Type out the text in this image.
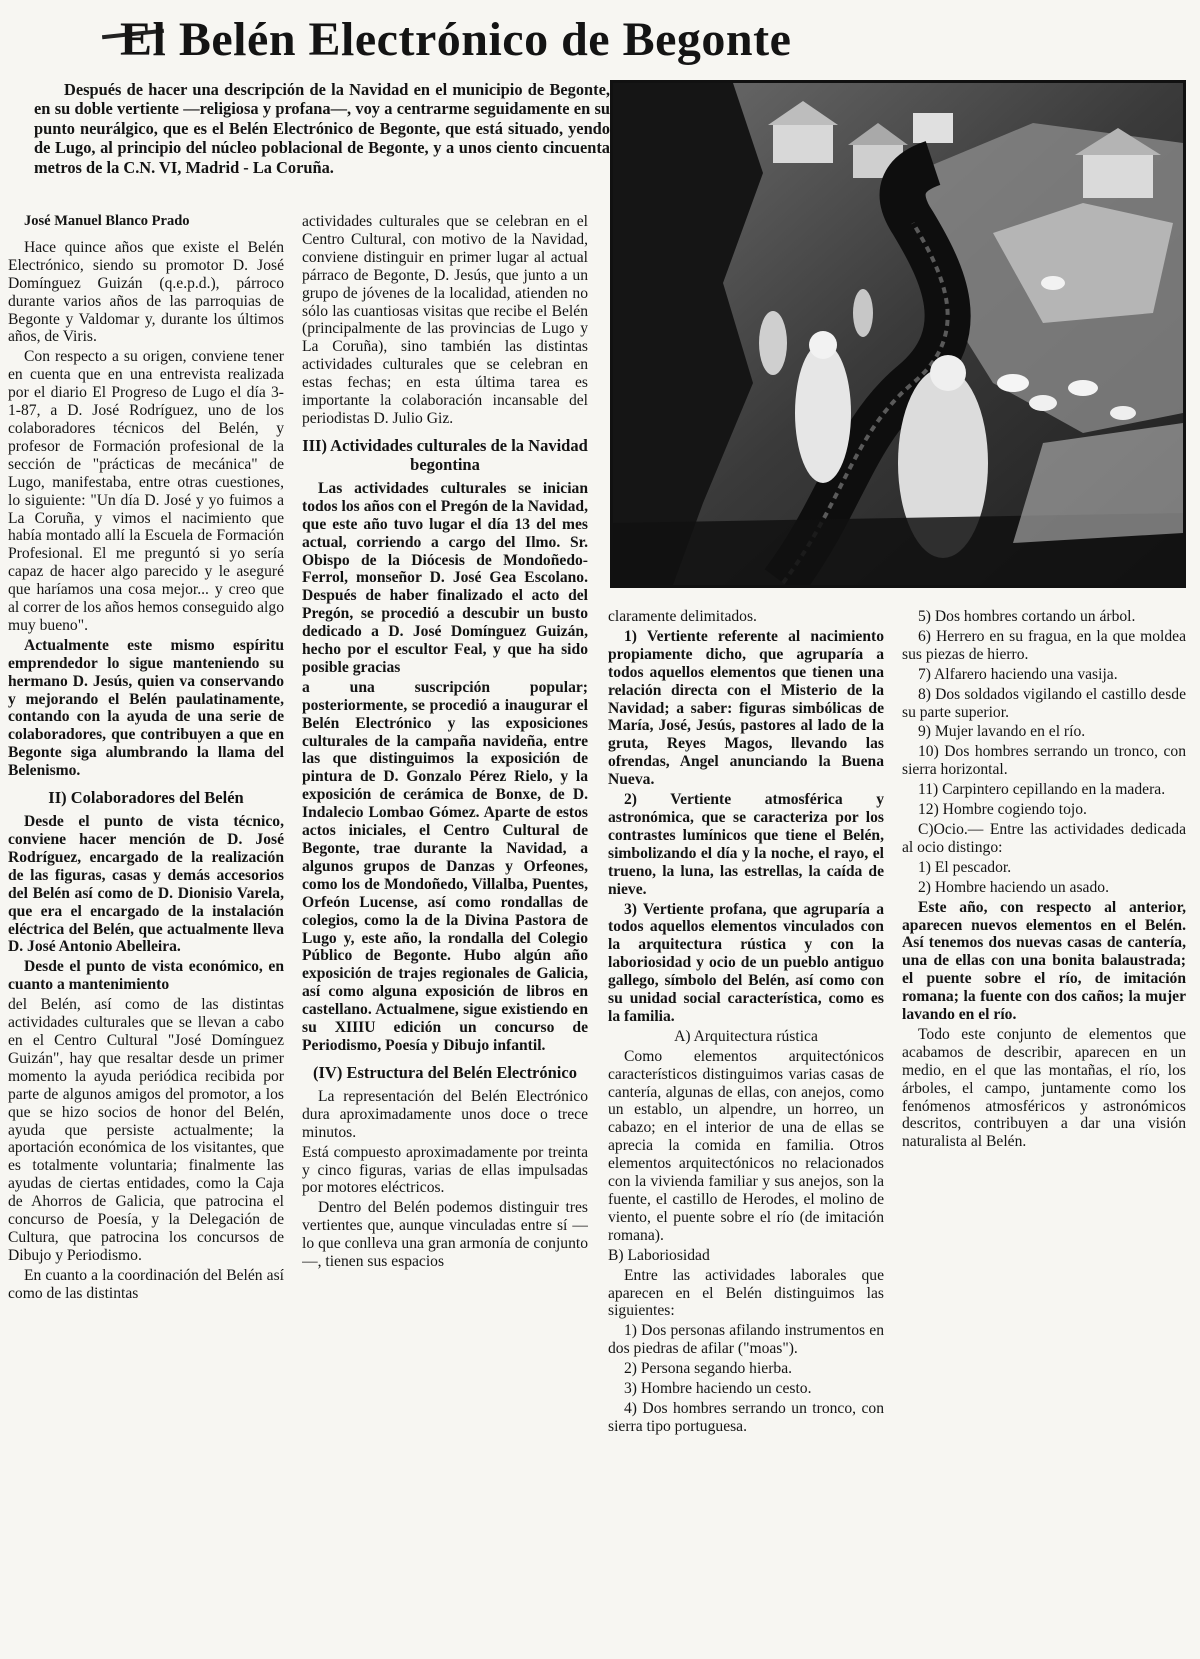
El Belén Electrónico de Begonte

Después de hacer una descripción de la Navidad en el municipio de Begonte, en su doble vertiente —religiosa y profana—, voy a centrarme seguidamente en su punto neurálgico, que es el Belén Electrónico de Begonte, que está situado, yendo de Lugo, al principio del núcleo poblacional de Begonte, y a unos ciento cincuenta metros de la C.N. VI, Madrid - La Coruña.

José Manuel Blanco Prado

Hace quince años que existe el Belén Electrónico, siendo su promotor D. José Domínguez Guizán (q.e.p.d.), párroco durante varios años de las parroquias de Begonte y Valdomar y, durante los últimos años, de Viris.

Con respecto a su origen, conviene tener en cuenta que en una entrevista realizada por el diario El Progreso de Lugo el día 3-1-87, a D. José Rodríguez, uno de los colaboradores técnicos del Belén, y profesor de Formación profesional de la sección de "prácticas de mecánica" de Lugo, manifestaba, entre otras cuestiones, lo siguiente: "Un día D. José y yo fuimos a La Coruña, y vimos el nacimiento que había montado allí la Escuela de Formación Profesional. El me preguntó si yo sería capaz de hacer algo parecido y le aseguré que haríamos una cosa mejor... y creo que al correr de los años hemos conseguido algo muy bueno".

Actualmente este mismo espíritu emprendedor lo sigue manteniendo su hermano D. Jesús, quien va conservando y mejorando el Belén paulatinamente, contando con la ayuda de una serie de colaboradores, que contribuyen a que en Begonte siga alumbrando la llama del Belenismo.

II) Colaboradores del Belén

Desde el punto de vista técnico, conviene hacer mención de D. José Rodríguez, encargado de la realización de las figuras, casas y demás accesorios del Belén así como de D. Dionisio Varela, que era el encargado de la instalación eléctrica del Belén, que actualmente lleva D. José Antonio Abelleira.

Desde el punto de vista económico, en cuanto a mantenimiento

del Belén, así como de las distintas actividades culturales que se llevan a cabo en el Centro Cultural "José Domínguez Guizán", hay que resaltar desde un primer momento la ayuda periódica recibida por parte de algunos amigos del promotor, a los que se hizo socios de honor del Belén, ayuda que persiste actualmente; la aportación económica de los visitantes, que es totalmente voluntaria; finalmente las ayudas de ciertas entidades, como la Caja de Ahorros de Galicia, que patrocina el concurso de Poesía, y la Delegación de Cultura, que patrocina los concursos de Dibujo y Periodismo.

En cuanto a la coordinación del Belén así como de las distintas

actividades culturales que se celebran en el Centro Cultural, con motivo de la Navidad, conviene distinguir en primer lugar al actual párraco de Begonte, D. Jesús, que junto a un grupo de jóvenes de la localidad, atienden no sólo las cuantiosas visitas que recibe el Belén (principalmente de las provincias de Lugo y La Coruña), sino también las distintas actividades culturales que se celebran en estas fechas; en esta última tarea es importante la colaboración incansable del periodistas D. Julio Giz.

III) Actividades culturales de la Navidad begontina

Las actividades culturales se inician todos los años con el Pregón de la Navidad, que este año tuvo lugar el día 13 del mes actual, corriendo a cargo del Ilmo. Sr. Obispo de la Diócesis de Mondoñedo-Ferrol, monseñor D. José Gea Escolano. Después de haber finalizado el acto del Pregón, se procedió a descubir un busto dedicado a D. José Domínguez Guizán, hecho por el escultor Feal, y que ha sido posible gracias

a una suscripción popular; posteriormente, se procedió a inaugurar el Belén Electrónico y las exposiciones culturales de la campaña navideña, entre las que distinguimos la exposición de pintura de D. Gonzalo Pérez Rielo, y la exposición de cerámica de Bonxe, de D. Indalecio Lombao Gómez. Aparte de estos actos iniciales, el Centro Cultural de Begonte, trae durante la Navidad, a algunos grupos de Danzas y Orfeones, como los de Mondoñedo, Villalba, Puentes, Orfeón Lucense, así como rondallas de colegios, como la de la Divina Pastora de Lugo y, este año, la rondalla del Colegio Público de Begonte. Hubo algún año exposición de trajes regionales de Galicia, así como alguna exposición de libros en castellano. Actualmene, sigue existiendo en su XIIIU edición un concurso de Periodismo, Poesía y Dibujo infantil.

(IV) Estructura del Belén Electrónico

La representación del Belén Electrónico dura aproximadamente unos doce o trece minutos.

Está compuesto aproximadamente por treinta y cinco figuras, varias de ellas impulsadas por motores eléctricos.

Dentro del Belén podemos distinguir tres vertientes que, aunque vinculadas entre sí —lo que conlleva una gran armonía de conjunto—, tienen sus espacios

claramente delimitados.

1) Vertiente referente al nacimiento propiamente dicho, que agruparía a todos aquellos elementos que tienen una relación directa con el Misterio de la Navidad; a saber: figuras simbólicas de María, José, Jesús, pastores al lado de la gruta, Reyes Magos, llevando las ofrendas, Angel anunciando la Buena Nueva.

2) Vertiente atmosférica y astronómica, que se caracteriza por los contrastes lumínicos que tiene el Belén, simbolizando el día y la noche, el rayo, el trueno, la luna, las estrellas, la caída de nieve.

3) Vertiente profana, que agruparía a todos aquellos elementos vinculados con la arquitectura rústica y con la laboriosidad y ocio de un pueblo antiguo gallego, símbolo del Belén, así como con su unidad social característica, como es la familia.

A) Arquitectura rústica

Como elementos arquitectónicos característicos distinguimos varias casas de cantería, algunas de ellas, con anejos, como un establo, un alpendre, un horreo, un cabazo; en el interior de una de ellas se aprecia la comida en familia. Otros elementos arquitectónicos no relacionados con la vivienda familiar y sus anejos, son la fuente, el castillo de Herodes, el molino de viento, el puente sobre el río (de imitación romana).

B) Laboriosidad

Entre las actividades laborales que aparecen en el Belén distinguimos las siguientes:

1) Dos personas afilando instrumentos en dos piedras de afilar ("moas").

2) Persona segando hierba.

3) Hombre haciendo un cesto.

4) Dos hombres serrando un tronco, con sierra tipo portuguesa.

5) Dos hombres cortando un árbol.

6) Herrero en su fragua, en la que moldea sus piezas de hierro.

7) Alfarero haciendo una vasija.

8) Dos soldados vigilando el castillo desde su parte superior.

9) Mujer lavando en el río.

10) Dos hombres serrando un tronco, con sierra horizontal.

11) Carpintero cepillando en la madera.

12) Hombre cogiendo tojo.

C)Ocio.— Entre las actividades dedicada al ocio distingo:

1) El pescador.

2) Hombre haciendo un asado.

Este año, con respecto al anterior, aparecen nuevos elementos en el Belén. Así tenemos dos nuevas casas de cantería, una de ellas con una bonita balaustrada; el puente sobre el río, de imitación romana; la fuente con dos caños; la mujer lavando en el río.

Todo este conjunto de elementos que acabamos de describir, aparecen en un medio, en el que las montañas, el río, los árboles, el campo, juntamente como los fenómenos atmosféricos y astronómicos descritos, contribuyen a dar una visión naturalista al Belén.
